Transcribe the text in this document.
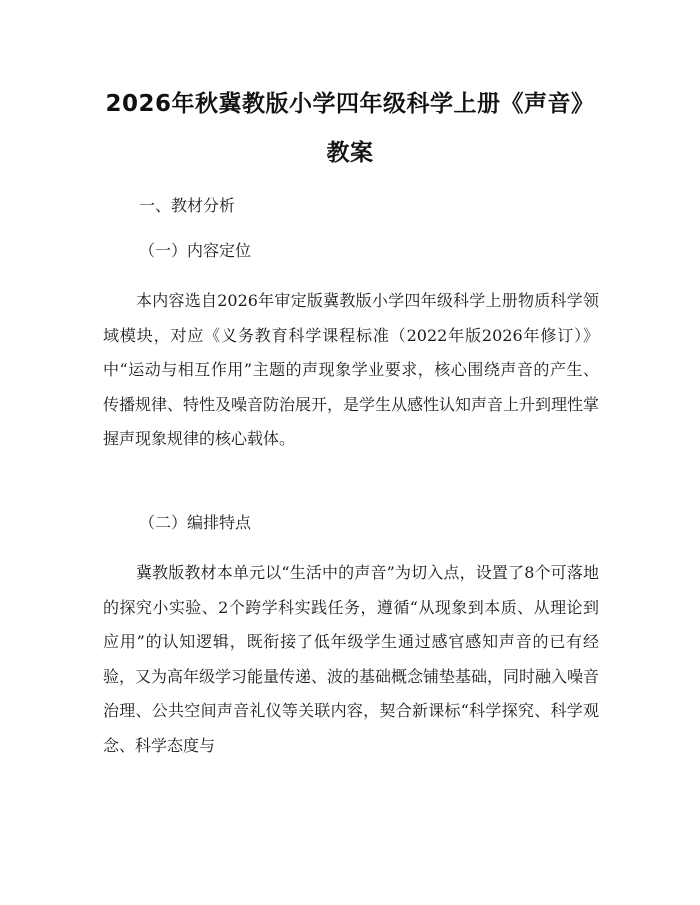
2026年秋冀教版小学四年级科学上册《声音》教案

一、教材分析

（一）内容定位

本内容选自2026年审定版冀教版小学四年级科学上册物质科学领域模块，对应《义务教育科学课程标准（2022年版2026年修订）》中“运动与相互作用”主题的声现象学业要求，核心围绕声音的产生、传播规律、特性及噪音防治展开，是学生从感性认知声音上升到理性掌握声现象规律的核心载体。

（二）编排特点

冀教版教材本单元以“生活中的声音”为切入点，设置了8个可落地的探究小实验、2个跨学科实践任务，遵循“从现象到本质、从理论到应用”的认知逻辑，既衔接了低年级学生通过感官感知声音的已有经验，又为高年级学习能量传递、波的基础概念铺垫基础，同时融入噪音治理、公共空间声音礼仪等关联内容，契合新课标“科学探究、科学观念、科学态度与
